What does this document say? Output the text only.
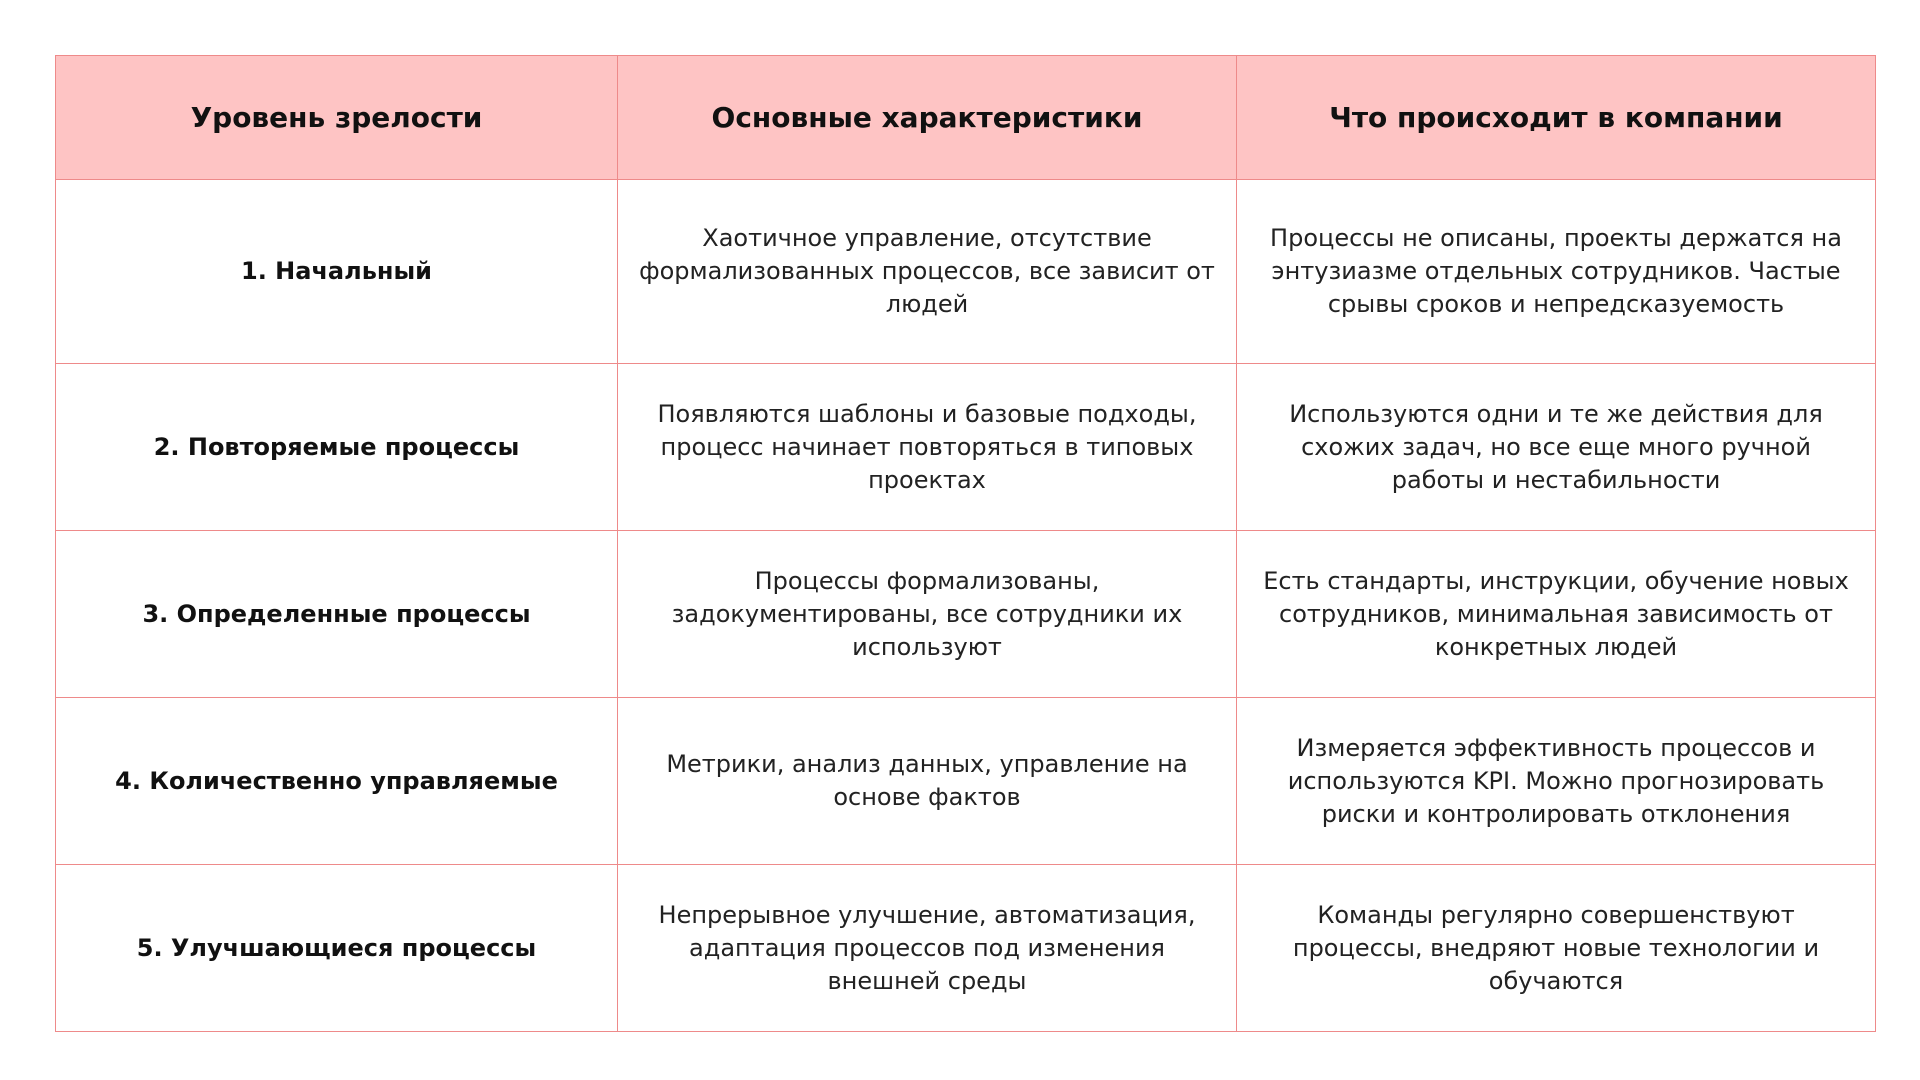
Уровень зрелости	Основные характеристики	Что происходит в компании
1. Начальный	Хаотичное управление, отсутствие формализованных процессов, все зависит от людей	Процессы не описаны, проекты держатся на энтузиазме отдельных сотрудников. Частые срывы сроков и непредсказуемость
2. Повторяемые процессы	Появляются шаблоны и базовые подходы, процесс начинает повторяться в типовых проектах	Используются одни и те же действия для схожих задач, но все еще много ручной работы и нестабильности
3. Определенные процессы	Процессы формализованы, задокументированы, все сотрудники их используют	Есть стандарты, инструкции, обучение новых сотрудников, минимальная зависимость от конкретных людей
4. Количественно управляемые	Метрики, анализ данных, управление на основе фактов	Измеряется эффективность процессов и используются KPI. Можно прогнозировать риски и контролировать отклонения
5. Улучшающиеся процессы	Непрерывное улучшение, автоматизация, адаптация процессов под изменения внешней среды	Команды регулярно совершенствуют процессы, внедряют новые технологии и обучаются
